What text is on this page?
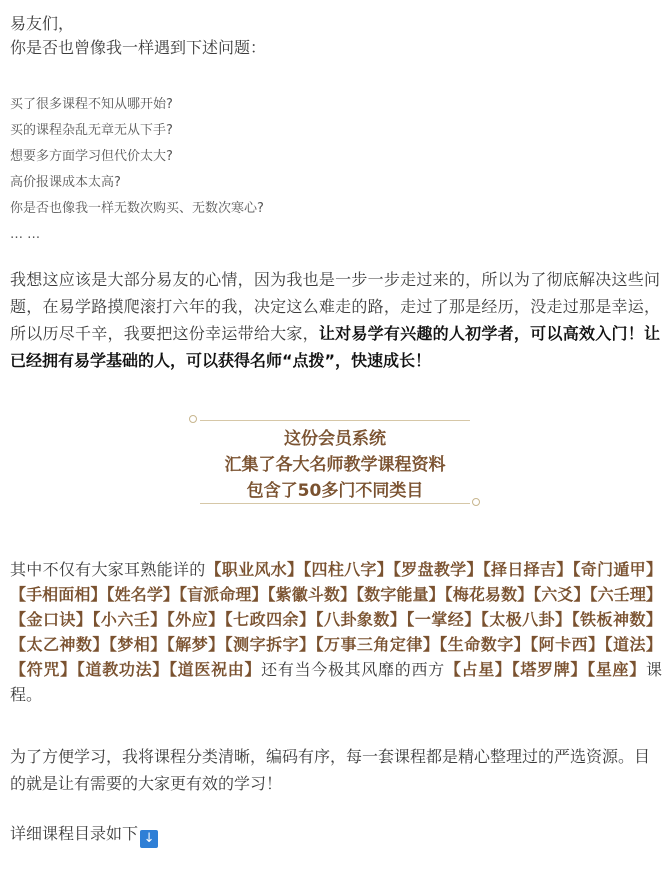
易友们，
你是否也曾像我一样遇到下述问题：
买了很多课程不知从哪开始?
买的课程杂乱无章无从下手?
想要多方面学习但代价太大?
高价报课成本太高?
你是否也像我一样无数次购买、无数次寒心?
… …
我想这应该是大部分易友的心情，因为我也是一步一步走过来的，所以为了彻底解决这些问题，在易学路摸爬滚打六年的我，决定这么难走的路，走过了那是经历，没走过那是幸运，所以历尽千辛，我要把这份幸运带给大家，让对易学有兴趣的人初学者，可以高效入门！让已经拥有易学基础的人，可以获得名师“点拨”，快速成长！
这份会员系统
汇集了各大名师教学课程资料
包含了50多门不同类目
其中不仅有大家耳熟能详的【职业风水】【四柱八字】【罗盘教学】【择日择吉】【奇门遁甲】【手相面相】【姓名学】【盲派命理】【紫徽斗数】【数字能量】【梅花易数】【六爻】【六壬理】【金口诀】【小六壬】【外应】【七政四余】【八卦象数】【一掌经】【太极八卦】【铁板神数】【太乙神数】【梦相】【解梦】【测字拆字】【万事三角定律】【生命数字】【阿卡西】【道法】【符咒】【道教功法】【道医祝由】还有当今极其风靡的西方【占星】【塔罗牌】【星座】课程。
为了方便学习，我将课程分类清晰，编码有序，每一套课程都是精心整理过的严选资源。目的就是让有需要的大家更有效的学习！
详细课程目录如下 ↓
